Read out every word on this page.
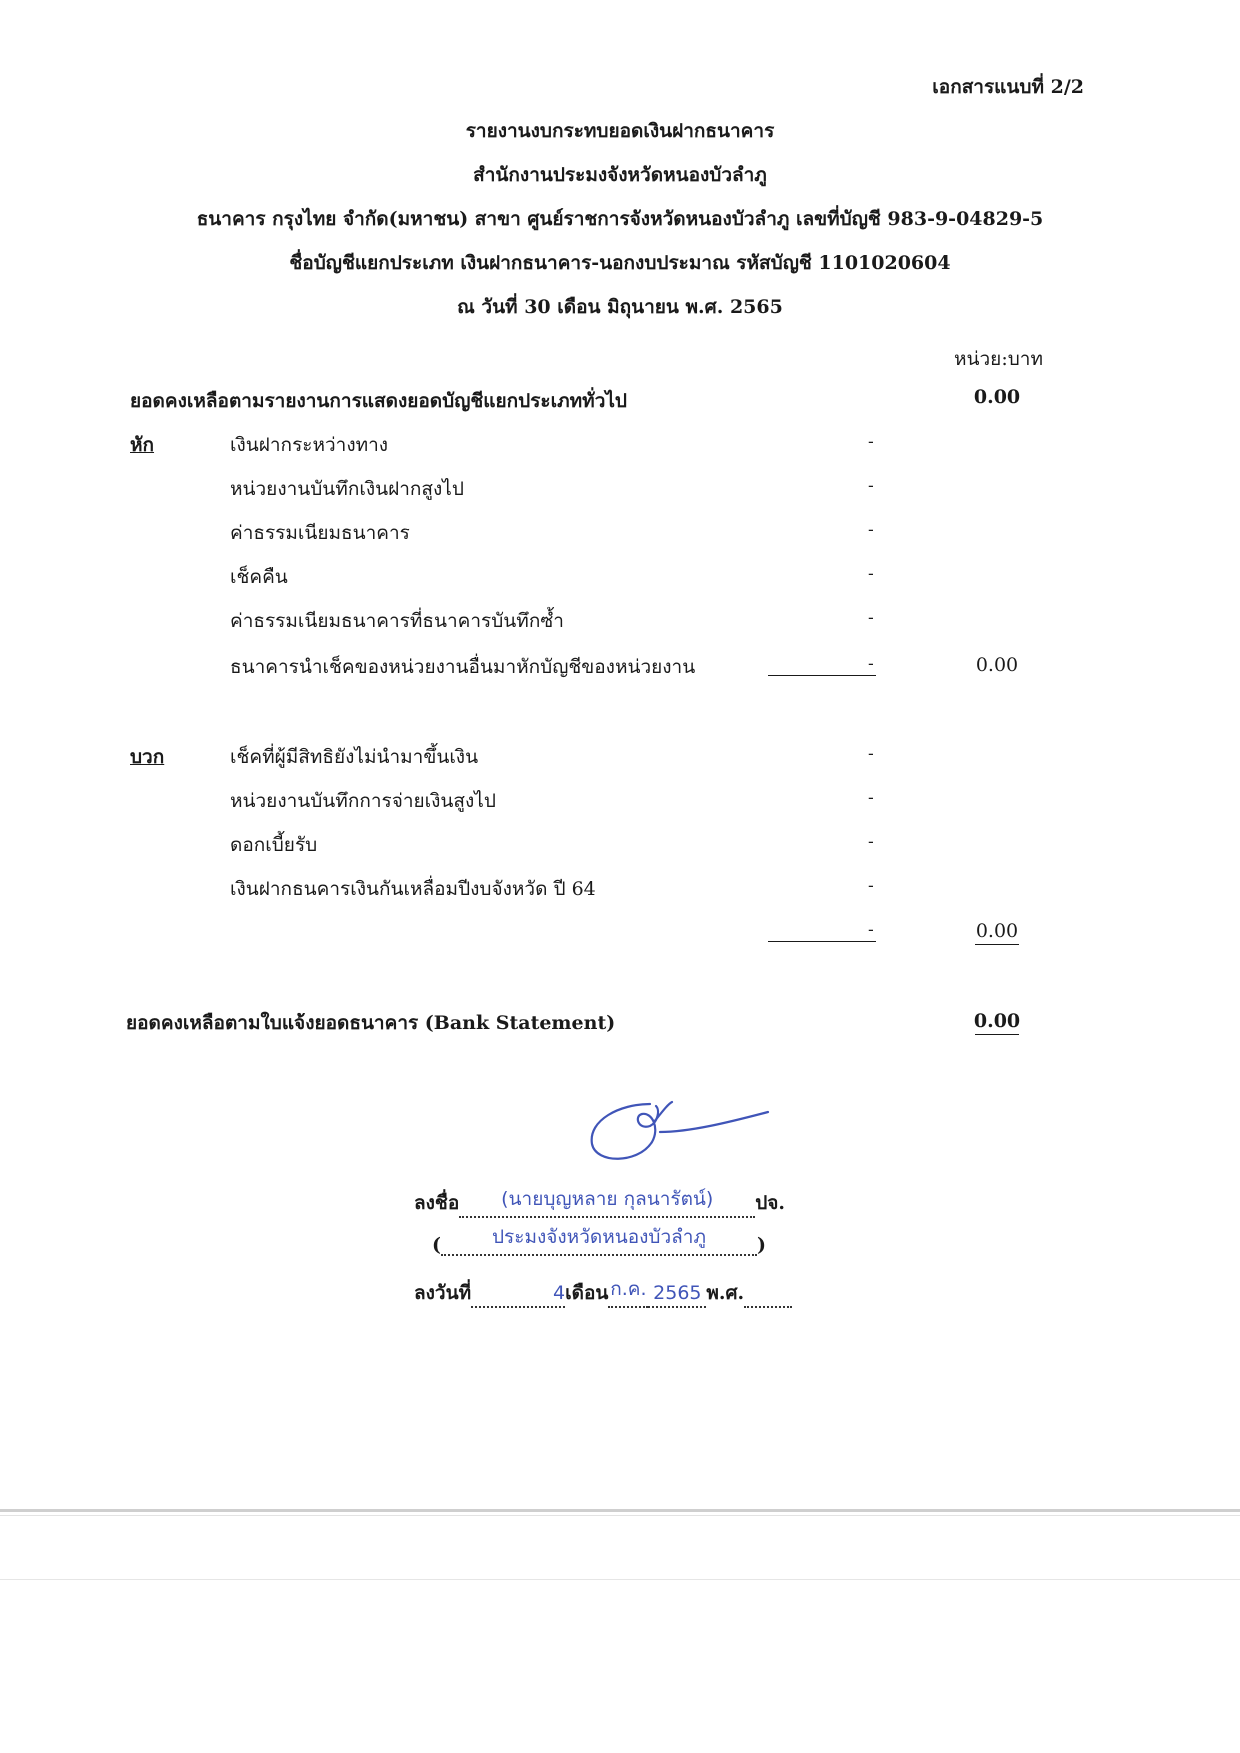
เอกสารแนบที่ 2/2
รายงานงบกระทบยอดเงินฝากธนาคาร
สำนักงานประมงจังหวัดหนองบัวลำภู
ธนาคาร กรุงไทย จำกัด(มหาชน) สาขา ศูนย์ราชการจังหวัดหนองบัวลำภู เลขที่บัญชี 983-9-04829-5
ชื่อบัญชีแยกประเภท เงินฝากธนาคาร-นอกงบประมาณ รหัสบัญชี 1101020604
ณ วันที่ 30 เดือน มิถุนายน พ.ศ. 2565
หน่วย:บาท
ยอดคงเหลือตามรายงานการแสดงยอดบัญชีแยกประเภททั่วไป	0.00
หัก	เงินฝากระหว่างทาง	-
หน่วยงานบันทึกเงินฝากสูงไป	-
ค่าธรรมเนียมธนาคาร	-
เช็คคืน	-
ค่าธรรมเนียมธนาคารที่ธนาคารบันทึกซ้ำ	-
ธนาคารนำเช็คของหน่วยงานอื่นมาหักบัญชีของหน่วยงาน	-	0.00
บวก	เช็คที่ผู้มีสิทธิยังไม่นำมาขึ้นเงิน	-
หน่วยงานบันทึกการจ่ายเงินสูงไป	-
ดอกเบี้ยรับ	-
เงินฝากธนคารเงินกันเหลื่อมปีงบจังหวัด ปี 64	-
-	0.00
ยอดคงเหลือตามใบแจ้งยอดธนาคาร (Bank Statement)	0.00
ลงชื่อ	(นายบุญหลาย กุลนารัตน์)	ปจ.
(	ประมงจังหวัดหนองบัวลำภู	)
ลงวันที่	4 เดือน ก.ค. 2565 พ.ศ.
